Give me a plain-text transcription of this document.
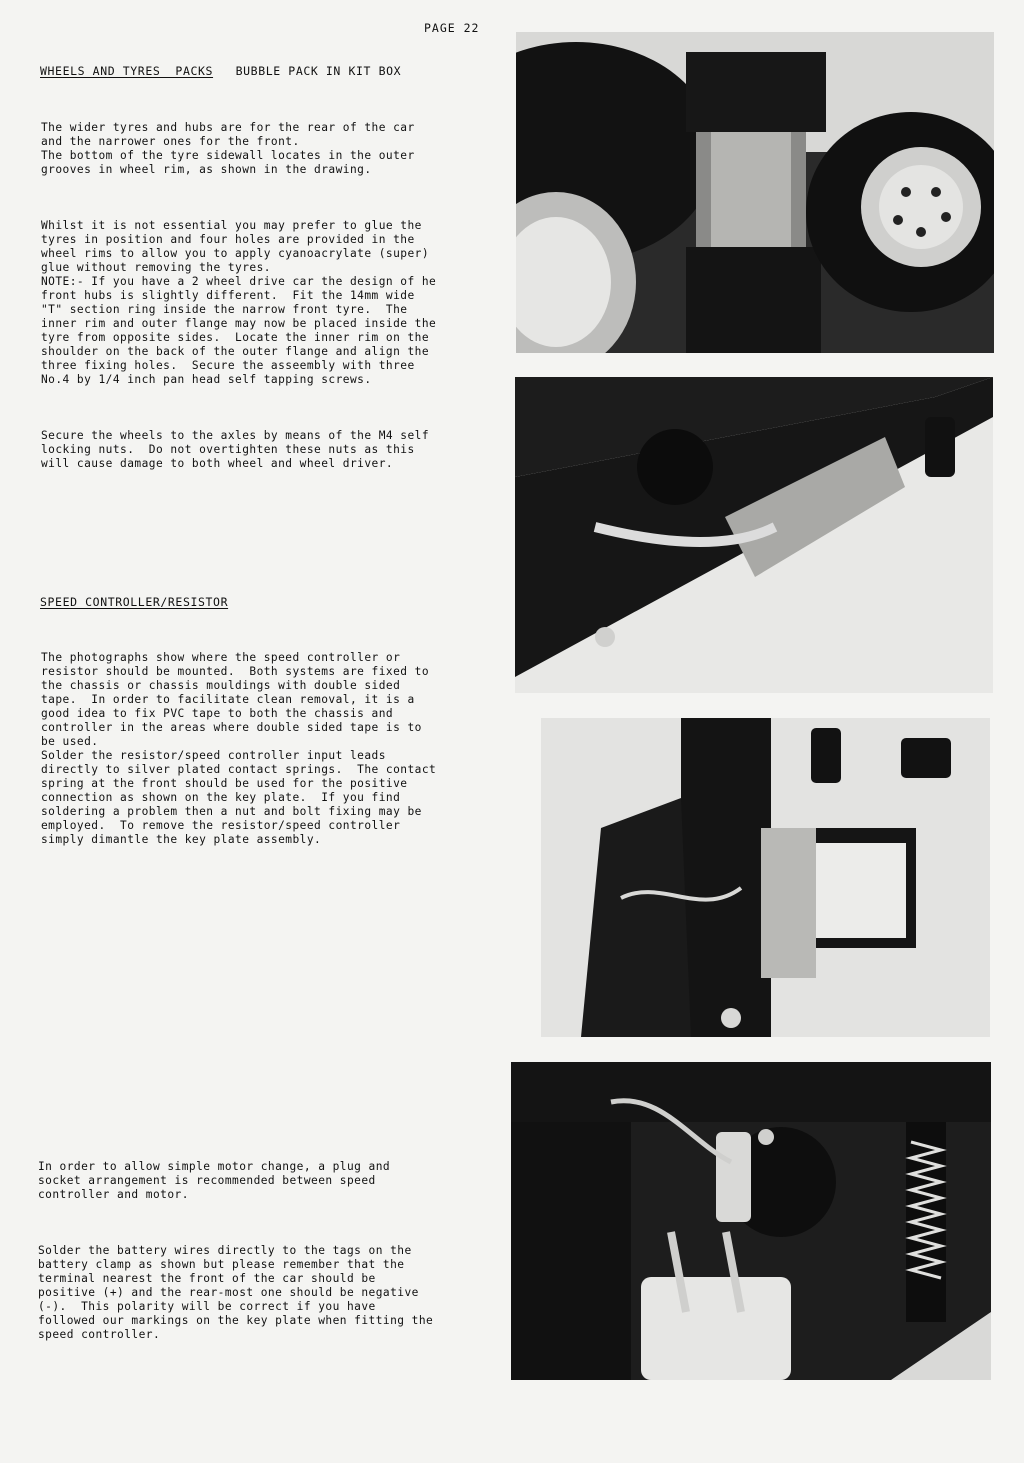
PAGE 22
WHEELS AND TYRES  PACKS BUBBLE PACK IN KIT BOX

The wider tyres and hubs are for the rear of the car
and the narrower ones for the front.
The bottom of the tyre sidewall locates in the outer
grooves in wheel rim, as shown in the drawing.

Whilst it is not essential you may prefer to glue the
tyres in position and four holes are provided in the
wheel rims to allow you to apply cyanoacrylate (super)
glue without removing the tyres.
NOTE:- If you have a 2 wheel drive car the design of he
front hubs is slightly different.  Fit the 14mm wide
"T" section ring inside the narrow front tyre.  The
inner rim and outer flange may now be placed inside the
tyre from opposite sides.  Locate the inner rim on the
shoulder on the back of the outer flange and align the
three fixing holes.  Secure the asseembly with three
No.4 by 1/4 inch pan head self tapping screws.

Secure the wheels to the axles by means of the M4 self
locking nuts.  Do not overtighten these nuts as this
will cause damage to both wheel and wheel driver.

SPEED CONTROLLER/RESISTOR

The photographs show where the speed controller or
resistor should be mounted.  Both systems are fixed to
the chassis or chassis mouldings with double sided
tape.  In order to facilitate clean removal, it is a
good idea to fix PVC tape to both the chassis and
controller in the areas where double sided tape is to
be used.
Solder the resistor/speed controller input leads
directly to silver plated contact springs.  The contact
spring at the front should be used for the positive
connection as shown on the key plate.  If you find
soldering a problem then a nut and bolt fixing may be
employed.  To remove the resistor/speed controller
simply dimantle the key plate assembly.

In order to allow simple motor change, a plug and
socket arrangement is recommended between speed
controller and motor.

Solder the battery wires directly to the tags on the
battery clamp as shown but please remember that the
terminal nearest the front of the car should be
positive (+) and the rear-most one should be negative
(-).  This polarity will be correct if you have
followed our markings on the key plate when fitting the
speed controller.
